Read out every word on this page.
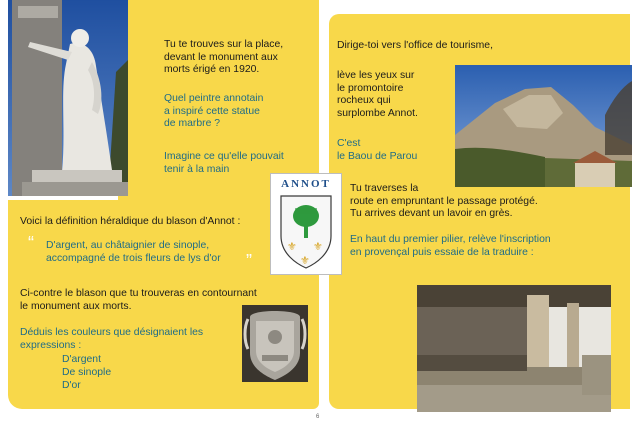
Tu te trouves sur la place,
devant le monument aux
morts érigé en 1920.
Quel peintre annotain
a inspiré cette statue
de marbre ?
Imagine ce qu'elle pouvait
tenir à la main
Voici la définition héraldique du blason d'Annot :
“ D'argent, au châtaignier de sinople,
accompagné de trois fleurs de lys d'or ”
Ci-contre le blason que tu trouveras en contournant
le monument aux morts.
Déduis les couleurs que désignaient les
expressions :
D'argent
De sinople
D'or
ANNOT
⚜ ⚜
⚜
Dirige-toi vers l'office de tourisme,
lève les yeux sur
le promontoire
rocheux qui
surplombe Annot.
C'est
le Baou de Parou
Tu traverses la
route en empruntant le passage protégé.
Tu arrives devant un lavoir en grès.
En haut du premier pilier, relève l'inscription
en provençal puis essaie de la traduire :
6
